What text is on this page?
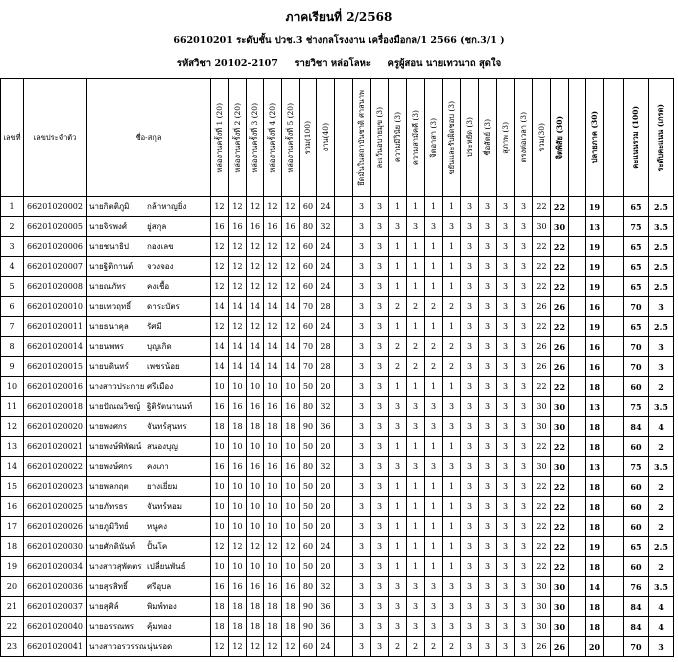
ภาคเรียนที่ 2/2568
662010201 ระดับชั้น ปวช.3 ช่างกลโรงงาน เครื่องมือกล/1 2566 (ชก.3/1 )
รหัสวิชา 20102-2107 รายวิชา หล่อโลหะ ครูผู้สอน นายเทวนาถ สุดใจ
เลขที่	เลขประจำตัว	ชื่อ-สกุล	หล่องานครั้งที่ 1 (20)	หล่องานครั้งที่ 2 (20)	หล่องานครั้งที่ 3 (20)	หล่องานครั้งที่ 4 (20)	หล่องานครั้งที่ 5 (20)	รวม(100)	งาน(40)		ยึดมั่นในสถาบันชาติ ศาสนาพ	ละเว้นอบายมุข (3)	ความมีวินัย (3)	ความสามัคคี (3)	จิตอาสา (3)	ขยันและรับผิดชอบ (3)	ประหยัด (3)	ซื่อสัตย์ (3)	สุภาพ (3)	ตรงต่อเวลา (3)	รวม(30)	จิตพิสัย (30)		ปลายภาค (30)		คะแนนรวม (100)	ระดับคะแนน (เกรด)

1	66201020002	นายกิตติภูมิ กล้าหาญยิ่ง	12	12	12	12	12	60	24		3	3	1	1	1	1	3	3	3	3	22	22		19		65	2.5
2	66201020005	นายจิรพงศ์ ยู่สกุล	16	16	16	16	16	80	32		3	3	3	3	3	3	3	3	3	3	30	30		13		75	3.5
3	66201020006	นายชนาธิป กองเลข	12	12	12	12	12	60	24		3	3	1	1	1	1	3	3	3	3	22	22		19		65	2.5
4	66201020007	นายฐิติกานต์ จวงจอง	12	12	12	12	12	60	24		3	3	1	1	1	1	3	3	3	3	22	22		19		65	2.5
5	66201020008	นายณภัทร คงเชื้อ	12	12	12	12	12	60	24		3	3	1	1	1	1	3	3	3	3	22	22		19		65	2.5
6	66201020010	นายเทวฤทธิ์ ดาระบัตร	14	14	14	14	14	70	28		3	3	2	2	2	2	3	3	3	3	26	26		16		70	3
7	66201020011	นายธนาคุล รัศมี	12	12	12	12	12	60	24		3	3	1	1	1	1	3	3	3	3	22	22		19		65	2.5
8	66201020014	นายนพพร บุญเกิด	14	14	14	14	14	70	28		3	3	2	2	2	2	3	3	3	3	26	26		16		70	3
9	66201020015	นายบดินทร์ เพชรน้อย	14	14	14	14	14	70	28		3	3	2	2	2	2	3	3	3	3	26	26		16		70	3
10	66201020016	นางสาวประกาย ศรีเมือง	10	10	10	10	10	50	20		3	3	1	1	1	1	3	3	3	3	22	22		18		60	2
11	66201020018	นายปัณณวิชญ์ ฐิติรัตนานนท์	16	16	16	16	16	80	32		3	3	3	3	3	3	3	3	3	3	30	30		13		75	3.5
12	66201020020	นายพงศกร จันทร์สุนทร	18	18	18	18	18	90	36		3	3	3	3	3	3	3	3	3	3	30	30		18		84	4
13	66201020021	นายพงษ์พิพัฒน์ สนองบุญ	10	10	10	10	10	50	20		3	3	1	1	1	1	3	3	3	3	22	22		18		60	2
14	66201020022	นายพงษ์ศกร คงเภา	16	16	16	16	16	80	32		3	3	3	3	3	3	3	3	3	3	30	30		13		75	3.5
15	66201020023	นายพลกฤต ยางเยี่ยม	10	10	10	10	10	50	20		3	3	1	1	1	1	3	3	3	3	22	22		18		60	2
16	66201020025	นายภัทรธร จันทร์หอม	10	10	10	10	10	50	20		3	3	1	1	1	1	3	3	3	3	22	22		18		60	2
17	66201020026	นายภูมิวิทย์ หนูคง	10	10	10	10	10	50	20		3	3	1	1	1	1	3	3	3	3	22	22		18		60	2
18	66201020030	นายศักดินันท์ ปั้นโค	12	12	12	12	12	60	24		3	3	1	1	1	1	3	3	3	3	22	22		19		65	2.5
19	66201020034	นางสาวสุพัตตร เปลี่ยนพันธ์	10	10	10	10	10	50	20		3	3	1	1	1	1	3	3	3	3	22	22		18		60	2
20	66201020036	นายสุรสิทธิ์ ศรีอุบล	16	16	16	16	16	80	32		3	3	3	3	3	3	3	3	3	3	30	30		14		76	3.5
21	66201020037	นายสุศิล์ พิมพ์ทอง	18	18	18	18	18	90	36		3	3	3	3	3	3	3	3	3	3	30	30		18		84	4
22	66201020040	นายอรรณพร คุ้มทอง	18	18	18	18	18	90	36		3	3	3	3	3	3	3	3	3	3	30	30		18		84	4
23	66201020041	นางสาวอรวรรณนุ่นรอด	12	12	12	12	12	60	24		3	3	2	2	2	2	3	3	3	3	26	26		20		70	3
